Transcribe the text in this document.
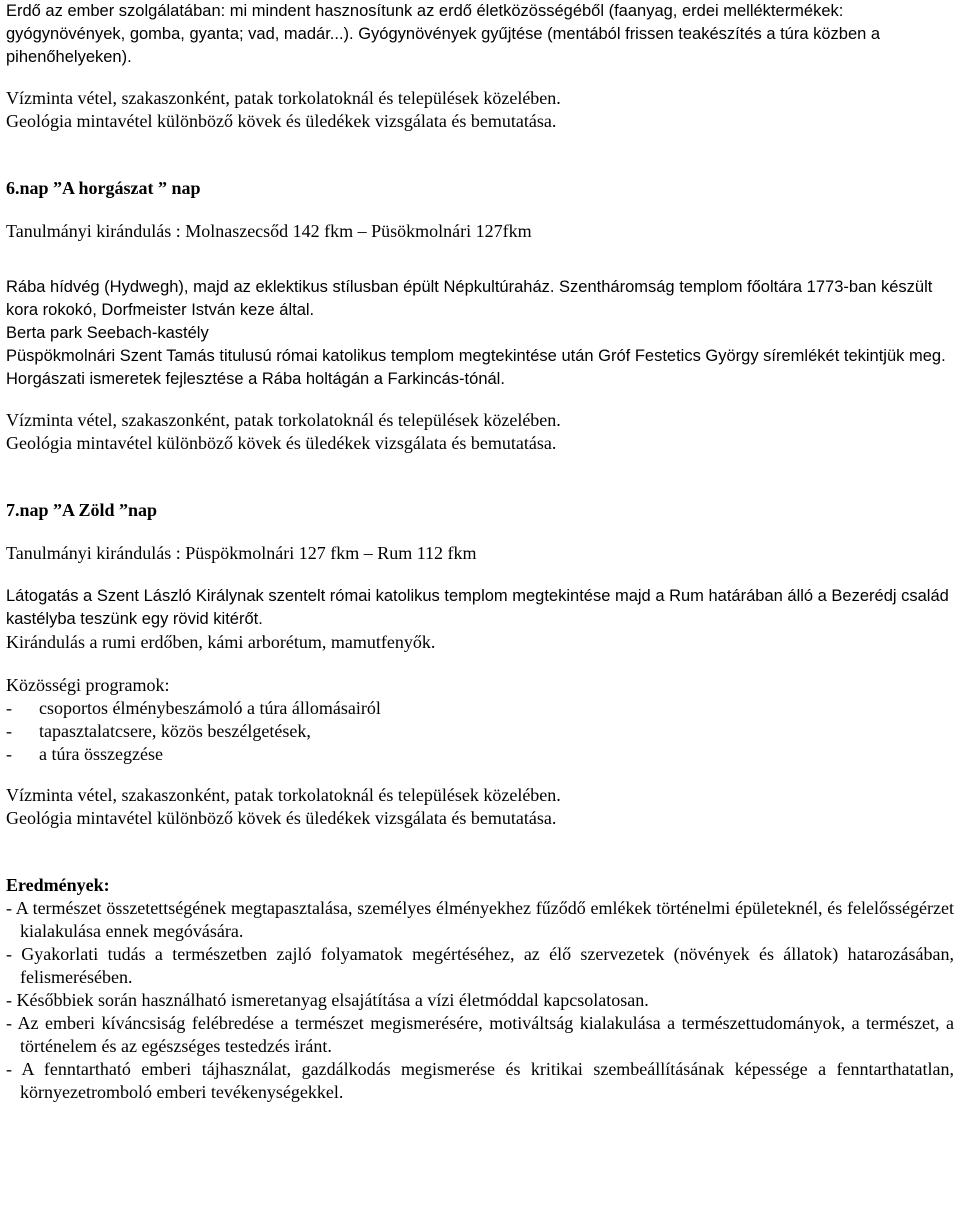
Erdő az ember szolgálatában: mi mindent hasznosítunk az erdő életközösségéből (faanyag, erdei melléktermékek: gyógynövények, gomba, gyanta; vad, madár...). Gyógynövények gyűjtése (mentából frissen teakészítés a túra közben a pihenőhelyeken).

Vízminta vétel, szakaszonként, patak torkolatoknál és települések közelében.

Geológia mintavétel különböző kövek és üledékek vizsgálata és bemutatása.

6.nap ”A horgászat ” nap

Tanulmányi kirándulás : Molnaszecsőd 142 fkm – Püsökmolnári 127fkm

Rába hídvég (Hydwegh), majd az eklektikus stílusban épült Népkultúraház. Szentháromság templom főoltára 1773-ban készült kora rokokó, Dorfmeister István keze által.

Berta park Seebach-kastély

Püspökmolnári Szent Tamás titulusú római katolikus templom megtekintése után Gróf Festetics György síremlékét tekintjük meg. Horgászati ismeretek fejlesztése a Rába holtágán a Farkincás-tónál.

Vízminta vétel, szakaszonként, patak torkolatoknál és települések közelében.

Geológia mintavétel különböző kövek és üledékek vizsgálata és bemutatása.

7.nap ”A Zöld ”nap

Tanulmányi kirándulás : Püspökmolnári 127 fkm – Rum 112 fkm

Látogatás a Szent László Királynak szentelt római katolikus templom megtekintése majd a Rum határában álló a Bezerédj család kastélyba teszünk egy rövid kitérőt.

Kirándulás a rumi erdőben, kámi arborétum, mamutfenyők.

Közösségi programok:

-	csoportos élménybeszámoló a túra állomásairól
-	tapasztalatcsere, közös beszélgetések,
-	a túra összegzése

Vízminta vétel, szakaszonként, patak torkolatoknál és települések közelében.

Geológia mintavétel különböző kövek és üledékek vizsgálata és bemutatása.

Eredmények:

- A természet összetettségének megtapasztalása, személyes élményekhez fűződő emlékek történelmi épületeknél, és felelősségérzet kialakulása ennek megóvására.

- Gyakorlati tudás a természetben zajló folyamatok megértéséhez, az élő szervezetek (növények és állatok) hatarozásában, felismerésében.

- Későbbiek során használható ismeretanyag elsajátítása a vízi életmóddal kapcsolatosan.

- Az emberi kíváncsiság felébredése a természet megismerésére, motiváltság kialakulása a természettudományok, a természet, a történelem és az egészséges testedzés iránt.

- A fenntartható emberi tájhasználat, gazdálkodás megismerése és kritikai szembeállításának képessége a fenntarthatatlan, környezetromboló emberi tevékenységekkel.
